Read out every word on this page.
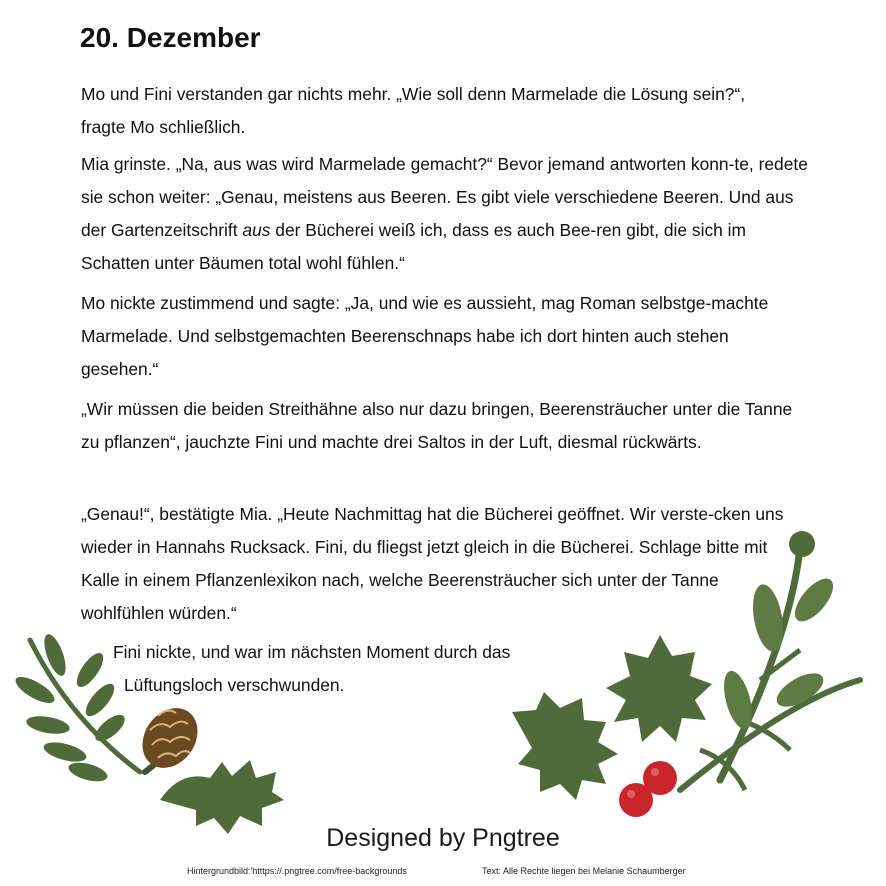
20. Dezember

Mo und Fini verstanden gar nichts mehr. „Wie soll denn Marmelade die Lösung sein?“, fragte Mo schließlich.

Mia grinste. „Na, aus was wird Marmelade gemacht?“ Bevor jemand antworten konn-te, redete sie schon weiter: „Genau, meistens aus Beeren. Es gibt viele verschiedene Beeren. Und aus der Gartenzeitschrift aus der Bücherei weiß ich, dass es auch Bee-ren gibt, die sich im Schatten unter Bäumen total wohl fühlen.“

Mo nickte zustimmend und sagte: „Ja, und wie es aussieht, mag Roman selbstge-machte Marmelade. Und selbstgemachten Beerenschnaps habe ich dort hinten auch stehen gesehen.“

„Wir müssen die beiden Streithähne also nur dazu bringen, Beerensträucher unter die Tanne zu pflanzen“, jauchzte Fini und machte drei Saltos in der Luft, diesmal rückwärts.

„Genau!“, bestätigte Mia. „Heute Nachmittag hat die Bücherei geöffnet. Wir verste-cken uns wieder in Hannahs Rucksack. Fini, du fliegst jetzt gleich in die Bücherei. Schlage bitte mit Kalle in einem Pflanzenlexikon nach, welche Beerensträucher sich unter der Tanne wohlfühlen würden.“

Fini nickte, und war im nächsten Moment durch das

Lüftungsloch verschwunden.

Designed by Pngtree
Hintergrundbild:'htttps://.pngtree.com/free-backgrounds	Text: Alle Rechte liegen bei Melanie Schaumberger
